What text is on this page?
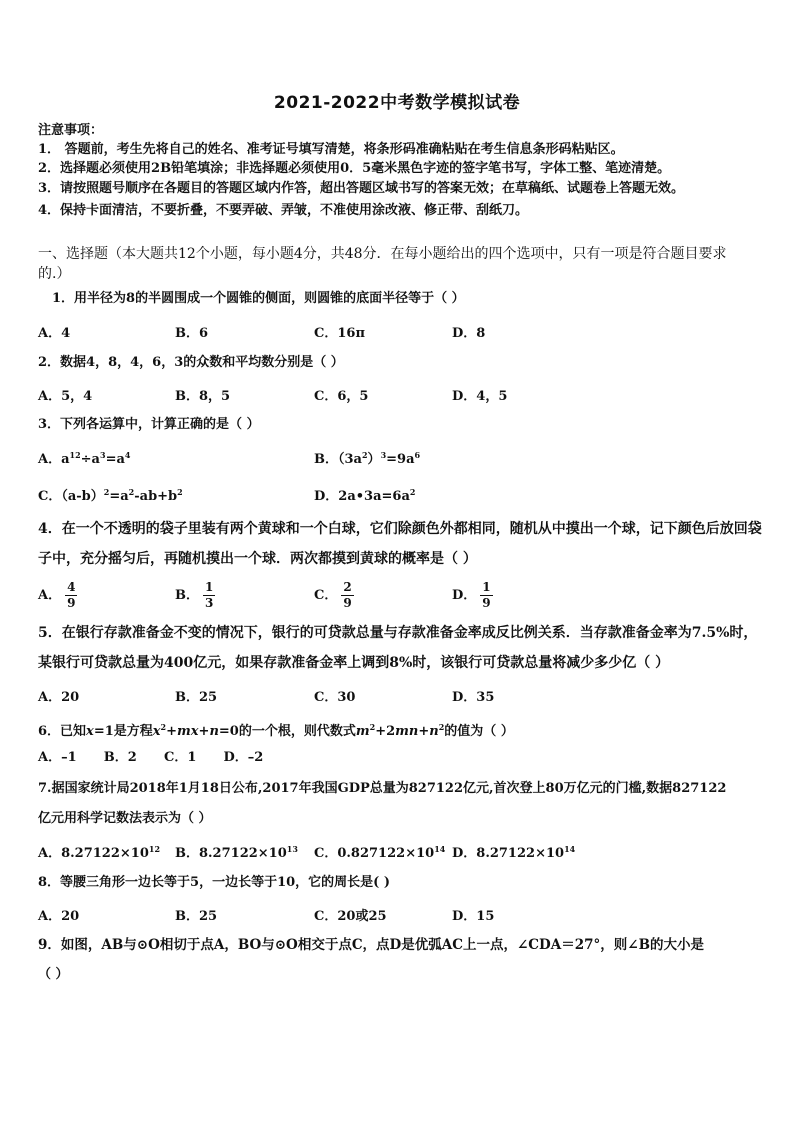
2021-2022中考数学模拟试卷
注意事项：
1． 答题前，考生先将自己的姓名、准考证号填写清楚，将条形码准确粘贴在考生信息条形码粘贴区。
2．选择题必须使用2B铅笔填涂；非选择题必须使用0．5毫米黑色字迹的签字笔书写，字体工整、笔迹清楚。
3．请按照题号顺序在各题目的答题区域内作答，超出答题区域书写的答案无效；在草稿纸、试题卷上答题无效。
4．保持卡面清洁，不要折叠，不要弄破、弄皱，不准使用涂改液、修正带、刮纸刀。
一、选择题（本大题共12个小题，每小题4分，共48分．在每小题给出的四个选项中，只有一项是符合题目要求
的.）
1．用半径为8的半圆围成一个圆锥的侧面，则圆锥的底面半径等于（ ）
A．4	B．6	C．16π	D．8
2．数据4，8，4，6，3的众数和平均数分别是（ ）
A．5，4	B．8，5	C．6，5	D．4，5
3．下列各运算中，计算正确的是（ ）
A．$a^{12}\div a^3=a^4$	B．$(3a^2)^3=9a^6$
C．$(a-b)^2=a^2-ab+b^2$	D．$2a•3a=6a^2$
4．在一个不透明的袋子里装有两个黄球和一个白球，它们除颜色外都相同，随机从中摸出一个球，记下颜色后放回袋
子中，充分摇匀后，再随机摸出一个球．两次都摸到黄球的概率是（ ）
A． $\frac{4}{9}$	B． $\frac{1}{3}$	C． $\frac{2}{9}$	D． $\frac{1}{9}$
5．在银行存款准备金不变的情况下，银行的可贷款总量与存款准备金率成反比例关系．当存款准备金率为7.5%时，
某银行可贷款总量为400亿元，如果存款准备金率上调到8%时，该银行可贷款总量将减少多少亿（ ）
A．20	B．25	C．30	D．35
6．已知x=1是方程$x^2+mx+n=0$的一个根，则代数式$m^2+2mn+n^2$的值为（ ）
A．–1      B．2      C．1      D．–2
7.据国家统计局2018年1月18日公布,2017年我国GDP总量为827122亿元,首次登上80万亿元的门槛,数据827122
亿元用科学记数法表示为（ ）
A．$8.27122\times 10^{12}$ B．$8.27122\times 10^{13}$ C．$0.827122\times 10^{14}$ D．$8.27122\times 10^{14}$
8．等腰三角形一边长等于5，一边长等于10，它的周长是( )
A．20	B．25	C．20或25	D．15
9．如图，AB与⊙O相切于点A，BO与⊙O相交于点C，点D是优弧AC上一点，∠CDA＝27°，则∠B的大小是
（ ）
